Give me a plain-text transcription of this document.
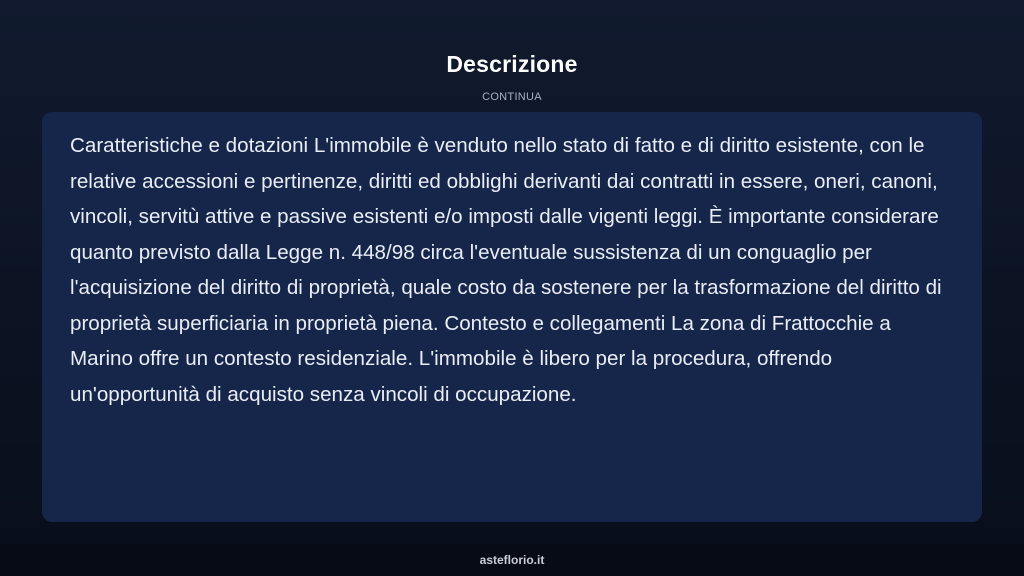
Descrizione
CONTINUA

Caratteristiche e dotazioni L'immobile è venduto nello stato di fatto e di diritto esistente, con le relative accessioni e pertinenze, diritti ed obblighi derivanti dai contratti in essere, oneri, canoni, vincoli, servitù attive e passive esistenti e/o imposti dalle vigenti leggi. È importante considerare quanto previsto dalla Legge n. 448/98 circa l'eventuale sussistenza di un conguaglio per l'acquisizione del diritto di proprietà, quale costo da sostenere per la trasformazione del diritto di proprietà superficiaria in proprietà piena. Contesto e collegamenti La zona di Frattocchie a Marino offre un contesto residenziale. L'immobile è libero per la procedura, offrendo un'opportunità di acquisto senza vincoli di occupazione.

asteflorio.it
